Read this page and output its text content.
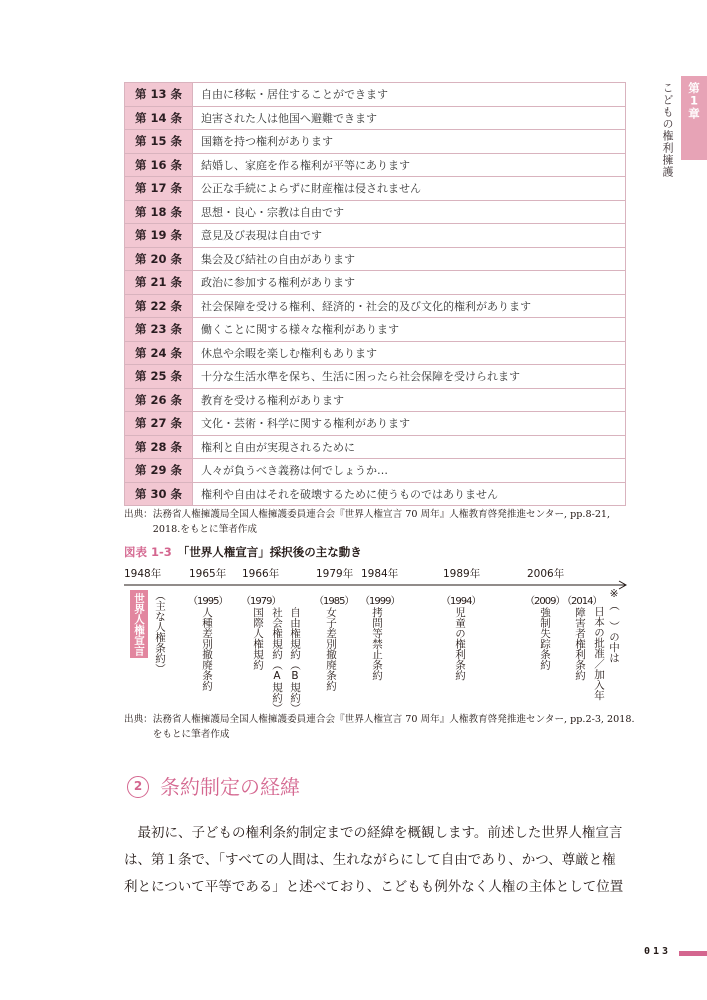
こどもの権利擁護	第1章
第 13 条	自由に移転・居住することができます
第 14 条	迫害された人は他国へ避難できます
第 15 条	国籍を持つ権利があります
第 16 条	結婚し、家庭を作る権利が平等にあります
第 17 条	公正な手続によらずに財産権は侵されません
第 18 条	思想・良心・宗教は自由です
第 19 条	意見及び表現は自由です
第 20 条	集会及び結社の自由があります
第 21 条	政治に参加する権利があります
第 22 条	社会保障を受ける権利、経済的・社会的及び文化的権利があります
第 23 条	働くことに関する様々な権利があります
第 24 条	休息や余暇を楽しむ権利もあります
第 25 条	十分な生活水準を保ち、生活に困ったら社会保障を受けられます
第 26 条	教育を受ける権利があります
第 27 条	文化・芸術・科学に関する権利があります
第 28 条	権利と自由が実現されるために
第 29 条	人々が負うべき義務は何でしょうか…
第 30 条	権利や自由はそれを破壊するために使うものではありません
出典： 法務省人権擁護局全国人権擁護委員連合会『世界人権宣言 70 周年』人権教育啓発推進センター, pp.8-21,
2018.をもとに筆者作成
図表 1-3 「世界人権宣言」採択後の主な動き
1948年	1965年 1966年	1979年 1984年	1989年	2006年
世界人権宣言 （主な人権条約） （1995）
人種差別撤廃条約
（1979）
国際人権規約 社会権規約（A規約） 自由権規約（B規約）
（1985）
女子差別撤廃条約
（1999）
拷問等禁止条約
（1994）
児童の権利条約
（2009）
強制失踪条約
（2014）
障害者権利条約 ※（　）の中は
日本の批准／加入年
出典： 法務省人権擁護局全国人権擁護委員連合会『世界人権宣言 70 周年』人権教育啓発推進センター, pp.2-3, 2018.
をもとに筆者作成
2 条約制定の経緯
　最初に、子どもの権利条約制定までの経緯を概観します。前述した世界人権宣言
は、第１条で、「すべての人間は、生れながらにして自由であり、かつ、尊厳と権
利とについて平等である」と述べており、こどもも例外なく人権の主体として位置
013
